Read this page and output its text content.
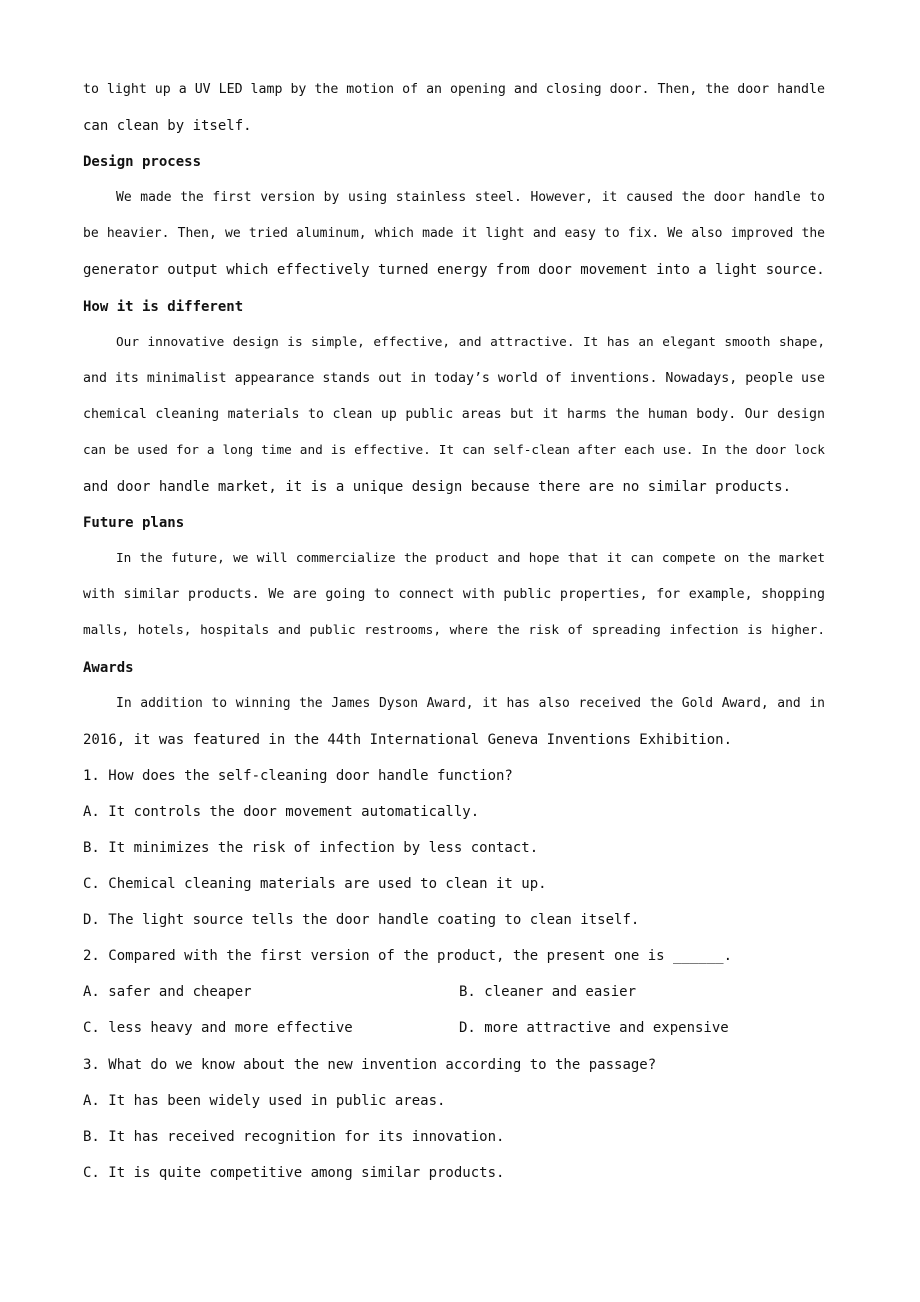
to light up a UV LED lamp by the motion of an opening and closing door. Then, the door handle
can clean by itself.
Design process
We made the first version by using stainless steel. However, it caused the door handle to
be heavier. Then, we tried aluminum, which made it light and easy to fix. We also improved the
generator output which effectively turned energy from door movement into a light source.
How it is different
Our innovative design is simple, effective, and attractive. It has an elegant smooth shape,
and its minimalist appearance stands out in today’s world of inventions. Nowadays, people use
chemical cleaning materials to clean up public areas but it harms the human body. Our design
can be used for a long time and is effective. It can self-clean after each use. In the door lock
and door handle market, it is a unique design because there are no similar products.
Future plans
In the future, we will commercialize the product and hope that it can compete on the market
with similar products. We are going to connect with public properties, for example, shopping
malls, hotels, hospitals and public restrooms, where the risk of spreading infection is higher.
Awards
In addition to winning the James Dyson Award, it has also received the Gold Award, and in
2016, it was featured in the 44th International Geneva Inventions Exhibition.
1. How does the self-cleaning door handle function?
A. It controls the door movement automatically.
B. It minimizes the risk of infection by less contact.
C. Chemical cleaning materials are used to clean it up.
D. The light source tells the door handle coating to clean itself.
2. Compared with the first version of the product, the present one is ______.
A. safer and cheaper	B. cleaner and easier
C. less heavy and more effective	D. more attractive and expensive
3. What do we know about the new invention according to the passage?
A. It has been widely used in public areas.
B. It has received recognition for its innovation.
C. It is quite competitive among similar products.
